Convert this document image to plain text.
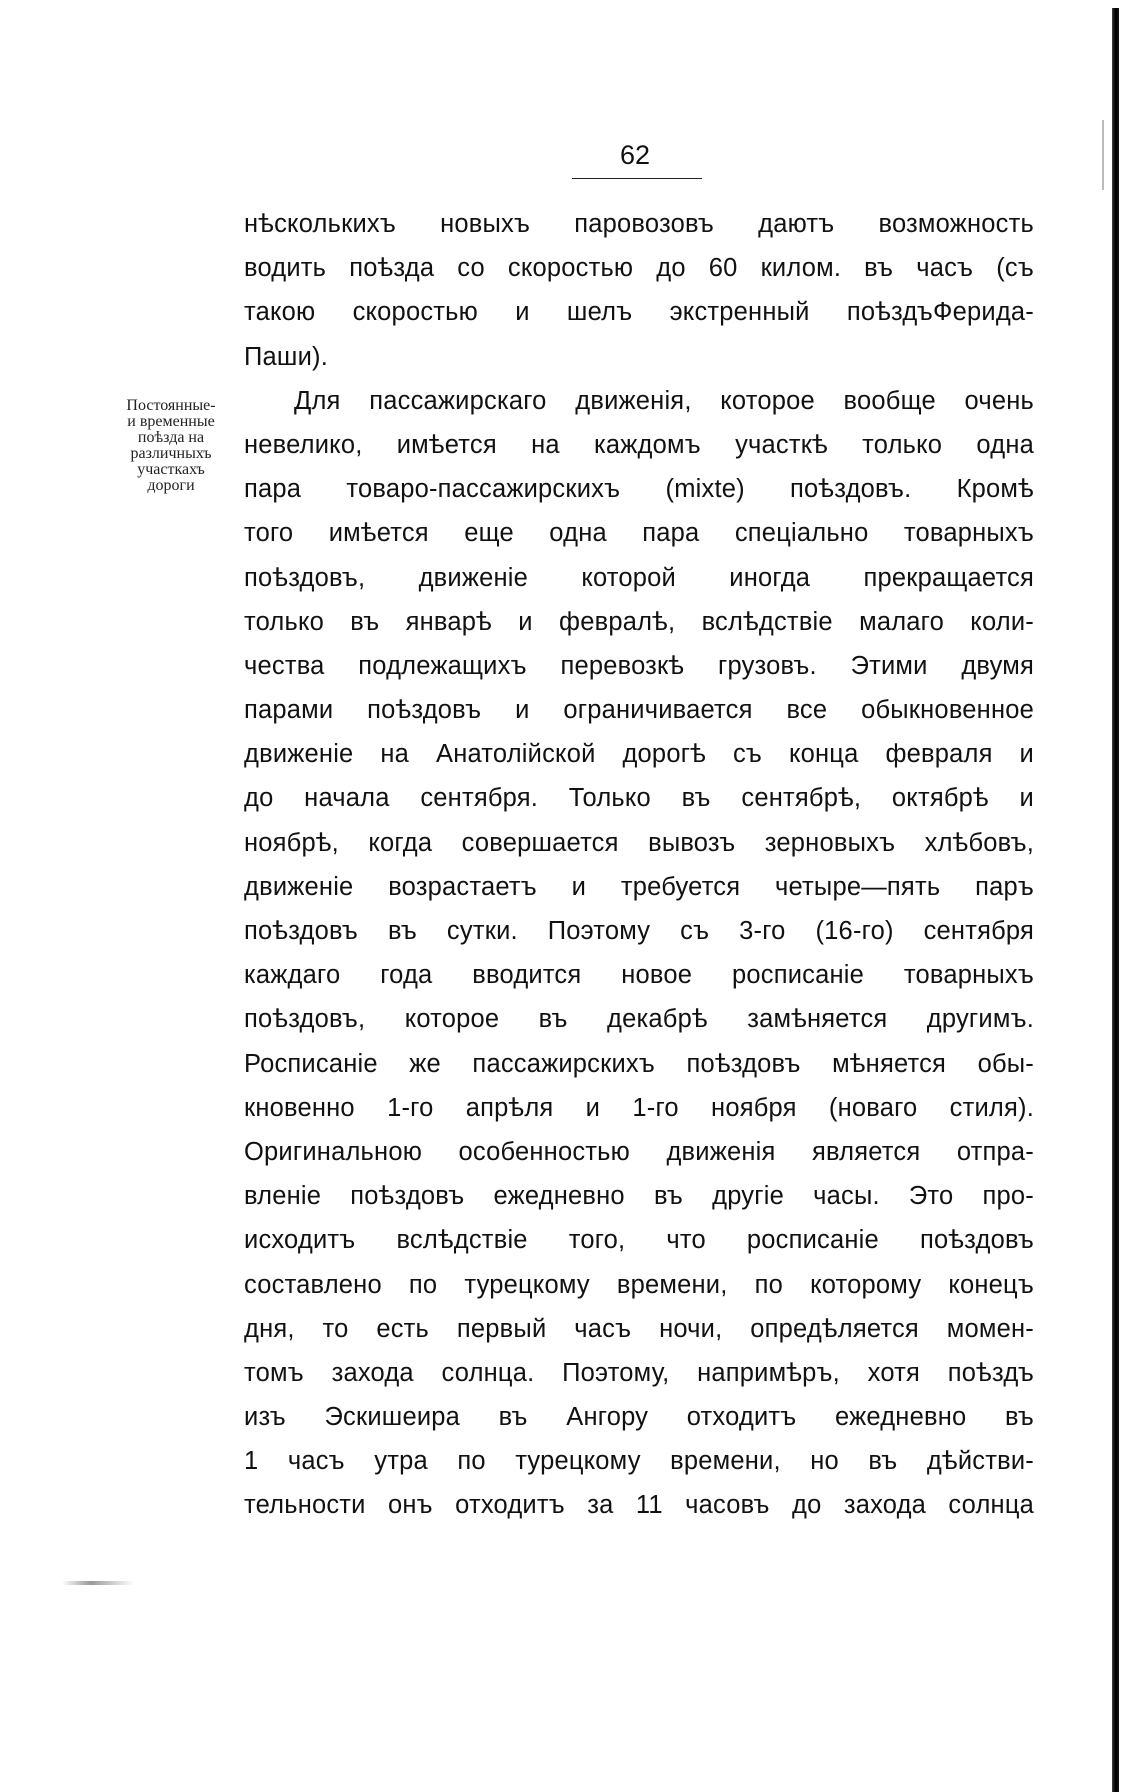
62
Постоянные-
и временные
поѣзда на
различныхъ
участкахъ
дороги
нѣсколькихъ новыхъ паровозовъ даютъ возможность
водить поѣзда со скоростью до 60 килом. въ часъ (съ
такою скоростью и шелъ экстренный поѣздъФерида-
Паши).
Для пассажирскаго движенія, которое вообще очень
невелико, имѣется на каждомъ участкѣ только одна
пара товаро-пассажирскихъ (mixte) поѣздовъ. Кромѣ
того имѣется еще одна пара спеціально товарныхъ
поѣздовъ, движеніе которой иногда прекращается
только въ январѣ и февралѣ, вслѣдствіе малаго коли-
чества подлежащихъ перевозкѣ грузовъ. Этими двумя
парами поѣздовъ и ограничивается все обыкновенное
движеніе на Анатолійской дорогѣ съ конца февраля и
до начала сентября. Только въ сентябрѣ, октябрѣ и
ноябрѣ, когда совершается вывозъ зерновыхъ хлѣбовъ,
движеніе возрастаетъ и требуется четыре—пять паръ
поѣздовъ въ сутки. Поэтому съ 3-го (16-го) сентября
каждаго года вводится новое росписаніе товарныхъ
поѣздовъ, которое въ декабрѣ замѣняется другимъ.
Росписаніе же пассажирскихъ поѣздовъ мѣняется обы-
кновенно 1-го апрѣля и 1-го ноября (новаго стиля).
Оригинальною особенностью движенія является отпра-
вленіе поѣздовъ ежедневно въ другіе часы. Это про-
исходитъ вслѣдствіе того, что росписаніе поѣздовъ
составлено по турецкому времени, по которому конецъ
дня, то есть первый часъ ночи, опредѣляется момен-
томъ захода солнца. Поэтому, напримѣръ, хотя поѣздъ
изъ Эскишеира въ Ангору отходитъ ежедневно въ
1 часъ утра по турецкому времени, но въ дѣйстви-
тельности онъ отходитъ за 11 часовъ до захода солнца
